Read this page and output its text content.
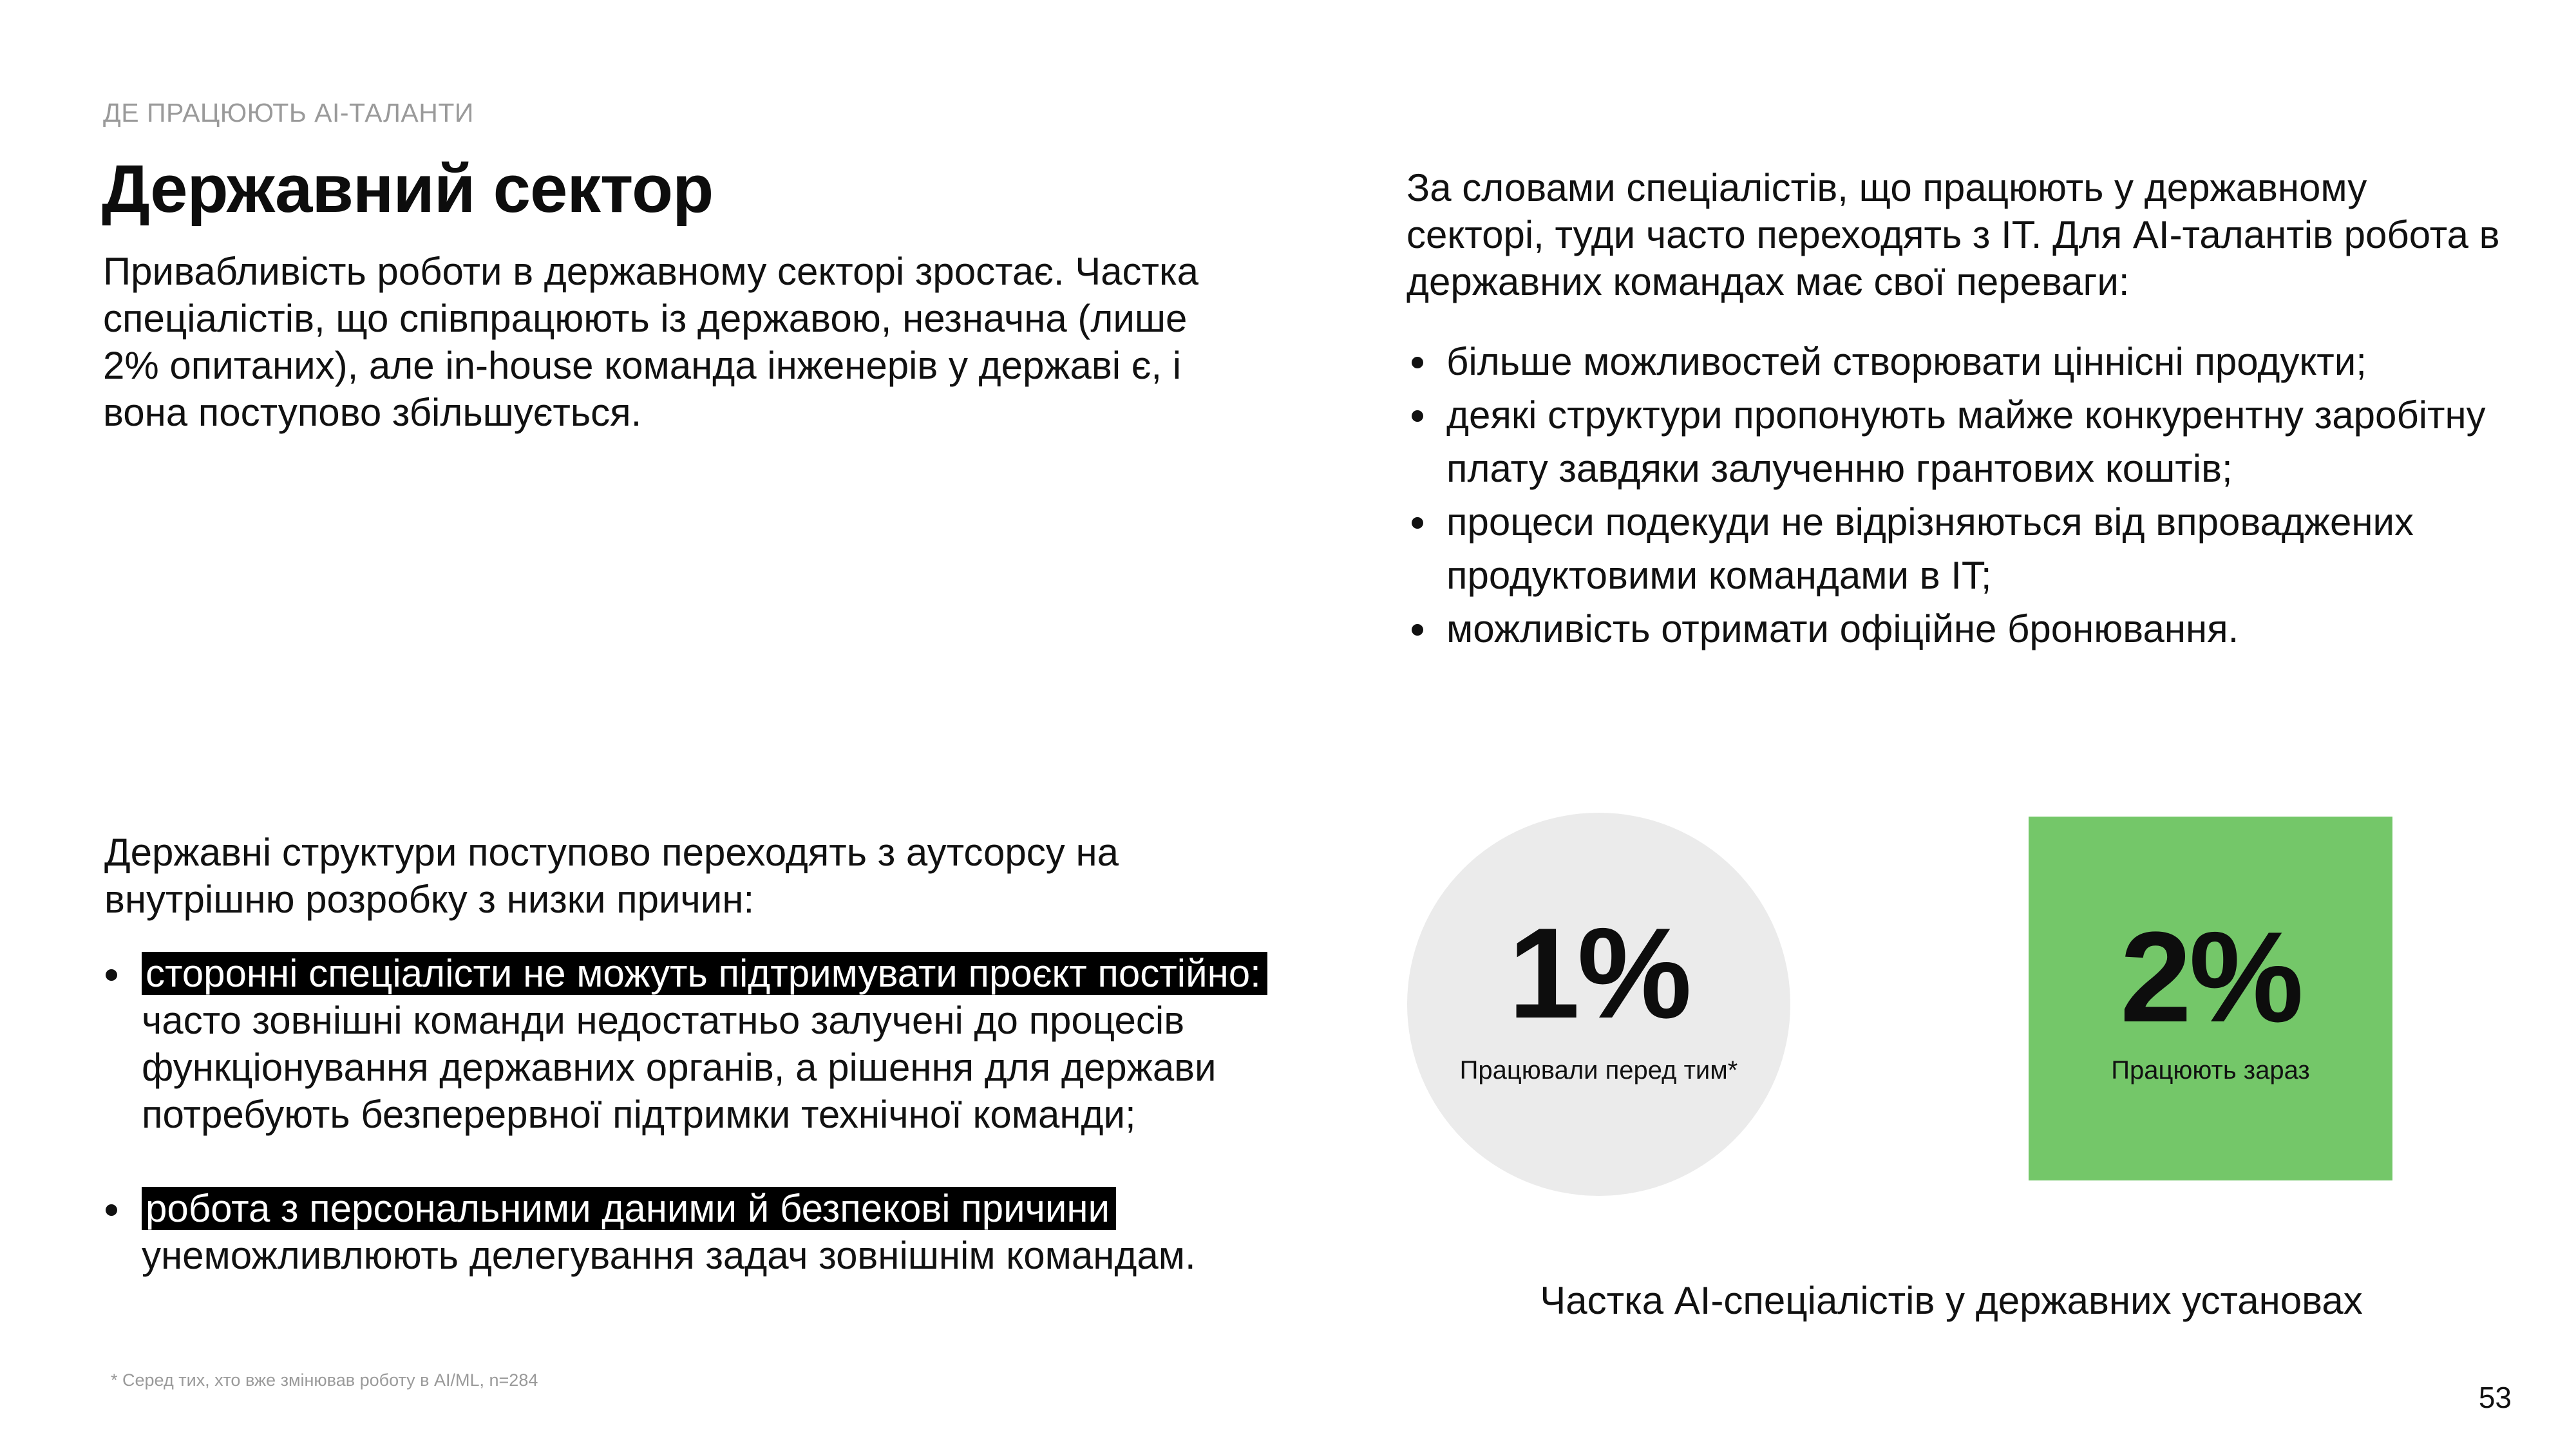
ДЕ ПРАЦЮЮТЬ AI-ТАЛАНТИ
Державний сектор

Привабливість роботи в державному секторі зростає. Частка спеціалістів, що співпрацюють із державою, незначна (лише 2% опитаних), але in-house команда інженерів у державі є, і вона поступово збільшується.

За словами спеціалістів, що працюють у державному секторі, туди часто переходять з IT. Для AI-талантів робота в державних командах має свої переваги:

більше можливостей створювати ціннісні продукти;
деякі структури пропонують майже конкурентну заробітну плату завдяки залученню грантових коштів;
процеси подекуди не відрізняються від впроваджених продуктовими командами в IT;
можливість отримати офіційне бронювання.

Державні структури поступово переходять з аутсорсу на внутрішню розробку з низки причин:

сторонні спеціалісти не можуть підтримувати проєкт постійно: часто зовнішні команди недостатньо залучені до процесів функціонування державних органів, а рішення для держави потребують безперервної підтримки технічної команди;
робота з персональними даними й безпекові причини унеможливлюють делегування задач зовнішнім командам.
1%
Працювали перед тим*
2%
Працюють зараз
Частка AI-спеціалістів у державних установах
* Серед тих, хто вже змінював роботу в AI/ML, n=284
53
